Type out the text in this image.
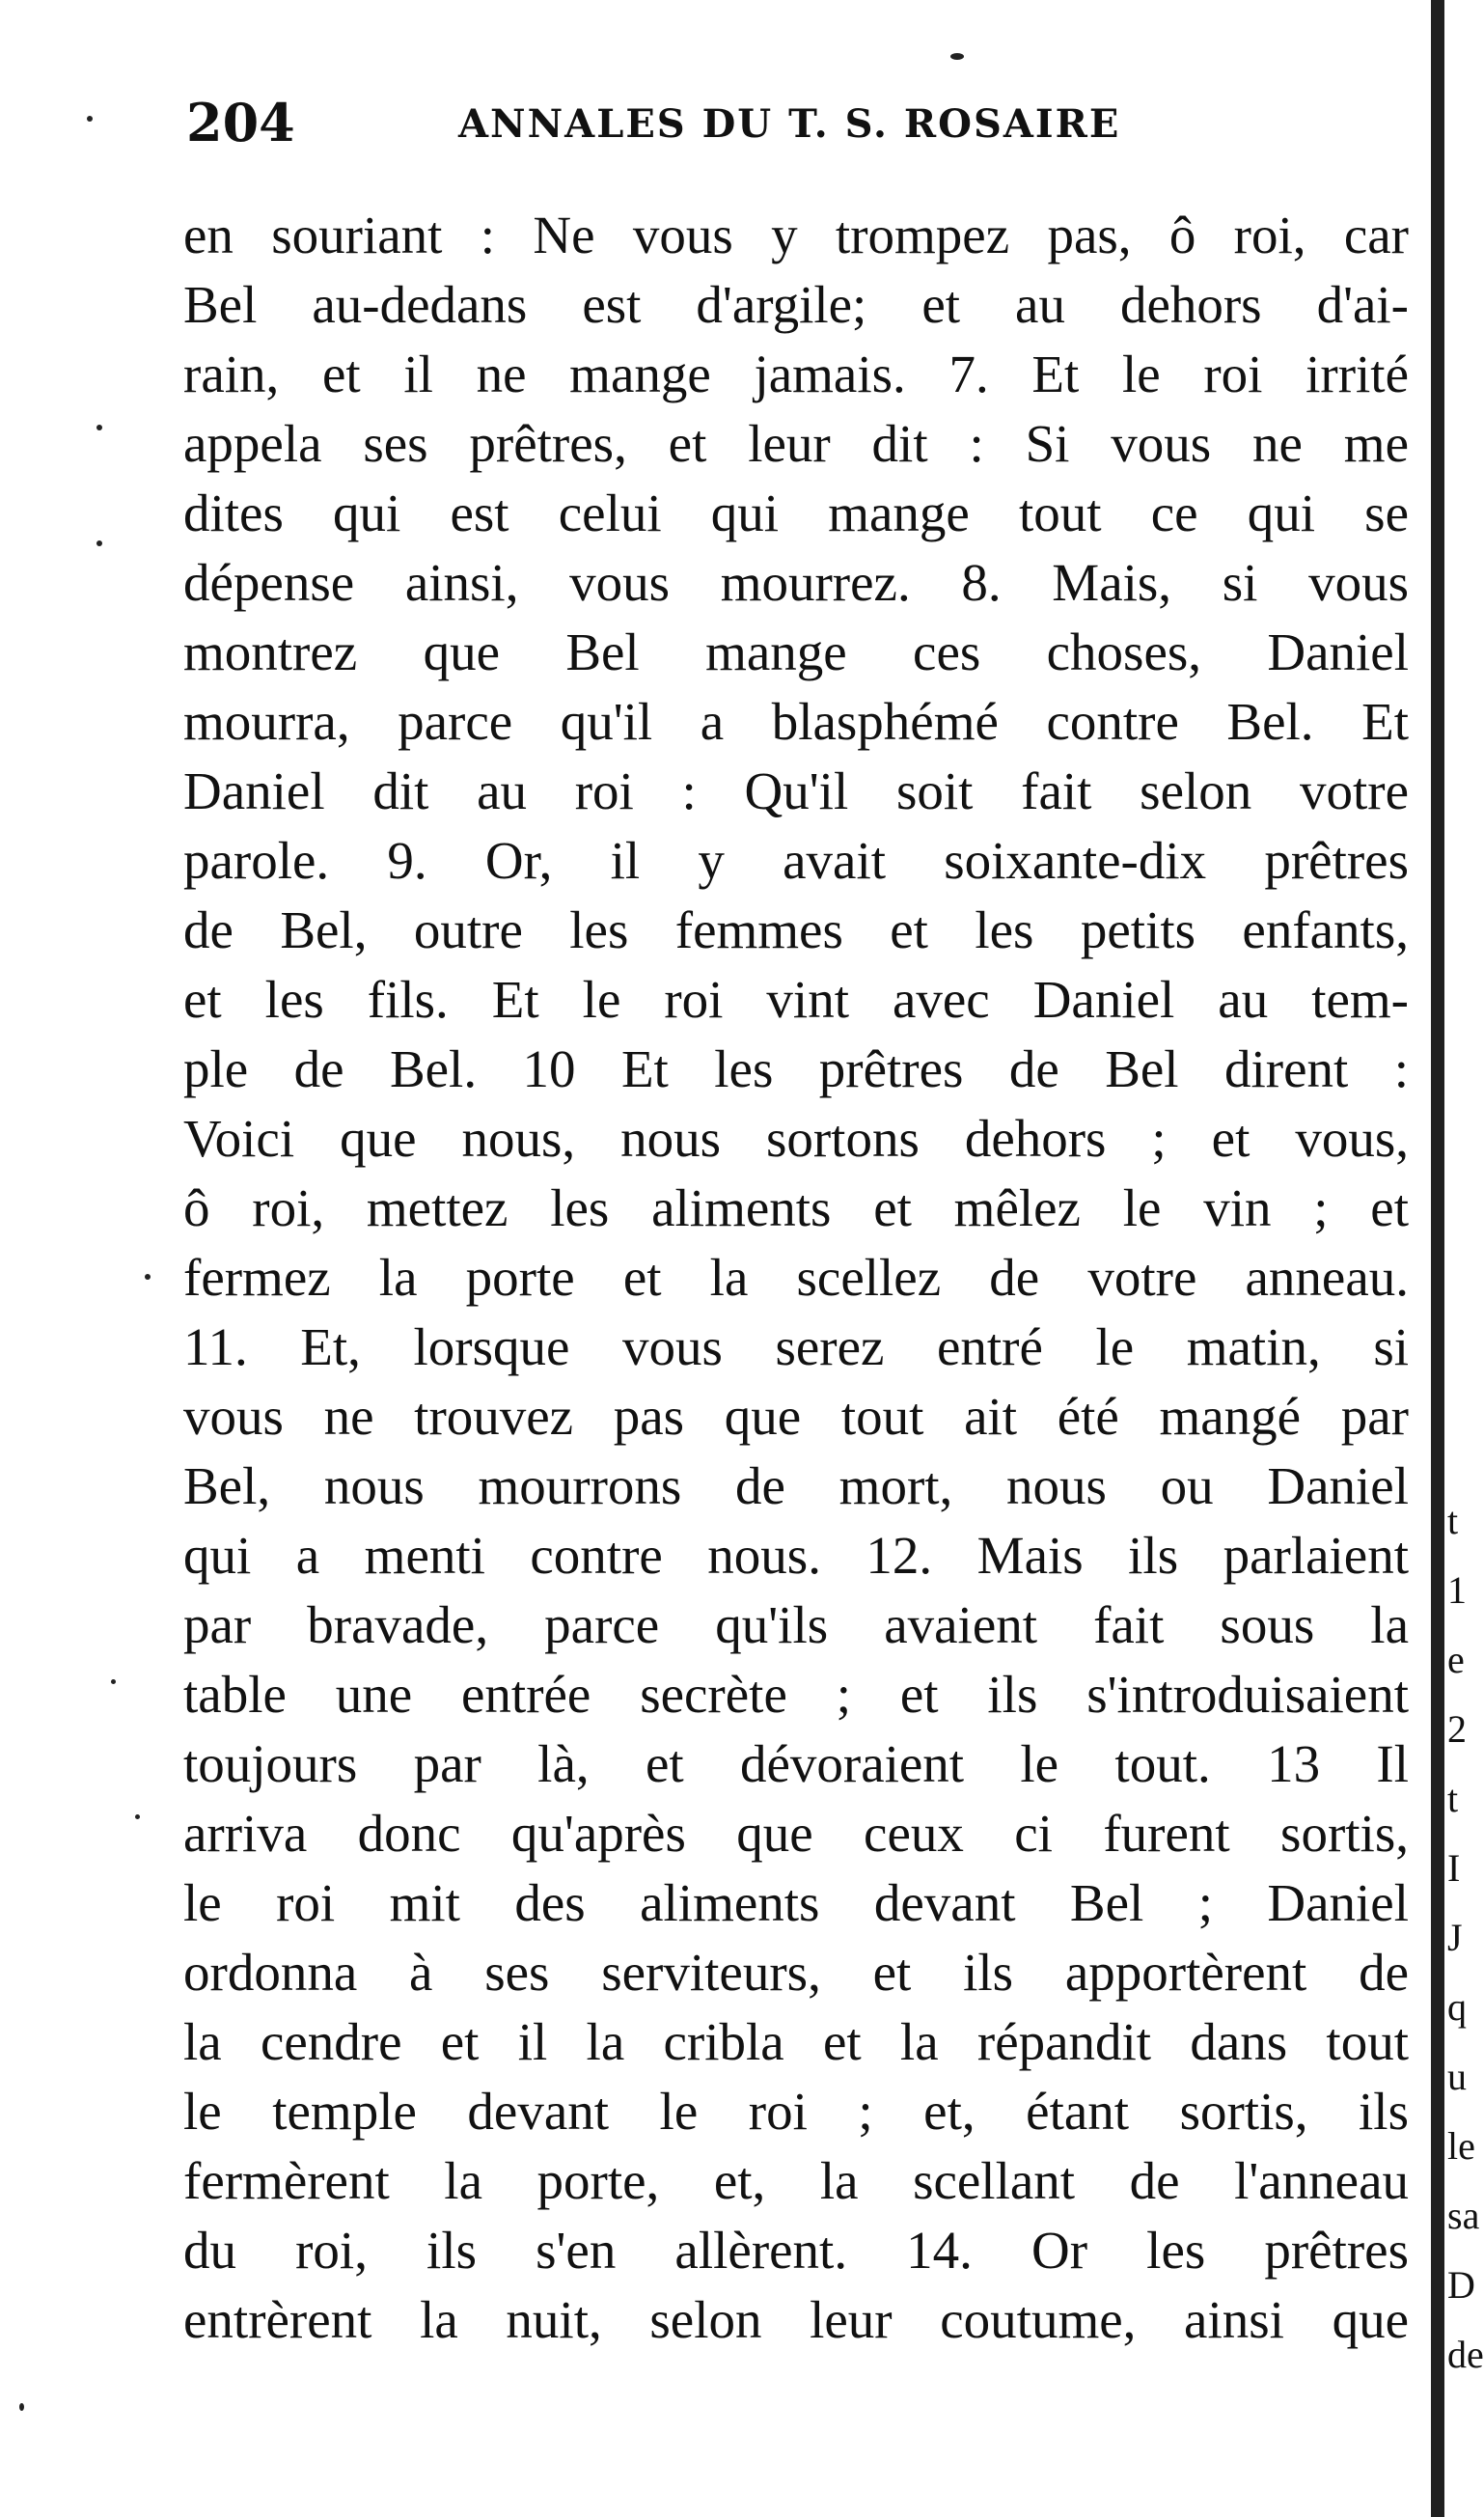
204	ANNALES DU T. S. ROSAIRE
en souriant : Ne vous y trompez pas, ô roi, car
Bel au-dedans est d'argile; et au dehors d'ai-
rain, et il ne mange jamais. 7. Et le roi irrité
appela ses prêtres, et leur dit : Si vous ne me
dites qui est celui qui mange tout ce qui se
dépense ainsi, vous mourrez. 8. Mais, si vous
montrez que Bel mange ces choses, Daniel
mourra, parce qu'il a blasphémé contre Bel. Et
Daniel dit au roi : Qu'il soit fait selon votre
parole. 9. Or, il y avait soixante-dix prêtres
de Bel, outre les femmes et les petits enfants,
et les fils. Et le roi vint avec Daniel au tem-
ple de Bel. 10 Et les prêtres de Bel dirent :
Voici que nous, nous sortons dehors ; et vous,
ô roi, mettez les aliments et mêlez le vin ; et
fermez la porte et la scellez de votre anneau.
11. Et, lorsque vous serez entré le matin, si
vous ne trouvez pas que tout ait été mangé par
Bel, nous mourrons de mort, nous ou Daniel
qui a menti contre nous. 12. Mais ils parlaient
par bravade, parce qu'ils avaient fait sous la
table une entrée secrète ; et ils s'introduisaient
toujours par là, et dévoraient le tout. 13 Il
arriva donc qu'après que ceux ci furent sortis,
le roi mit des aliments devant Bel ; Daniel
ordonna à ses serviteurs, et ils apportèrent de
la cendre et il la cribla et la répandit dans tout
le temple devant le roi ; et, étant sortis, ils
fermèrent la porte, et, la scellant de l'anneau
du roi, ils s'en allèrent. 14. Or les prêtres
entrèrent la nuit, selon leur coutume, ainsi que
t
1
e
2
t
I
J
q
u
le
sa
D
de
